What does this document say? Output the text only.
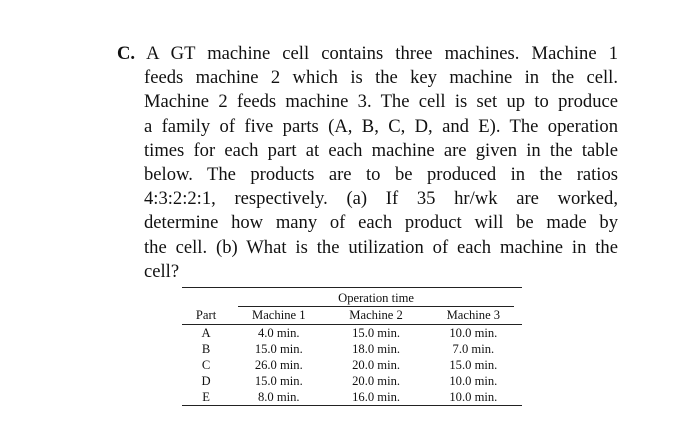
C. A GT machine cell contains three machines. Machine 1
feeds machine 2 which is the key machine in the cell.
Machine 2 feeds machine 3. The cell is set up to produce
a family of five parts (A, B, C, D, and E). The operation
times for each part at each machine are given in the table
below. The products are to be produced in the ratios
4:3:2:2:1, respectively. (a) If 35 hr/wk are worked,
determine how many of each product will be made by
the cell. (b) What is the utilization of each machine in the
cell?
	Operation time		
Part	Machine 1	Machine 2	Machine 3
A	4.0 min.	15.0 min.	10.0 min.
B	15.0 min.	18.0 min.	7.0 min.
C	26.0 min.	20.0 min.	15.0 min.
D	15.0 min.	20.0 min.	10.0 min.
E	8.0 min.	16.0 min.	10.0 min.
